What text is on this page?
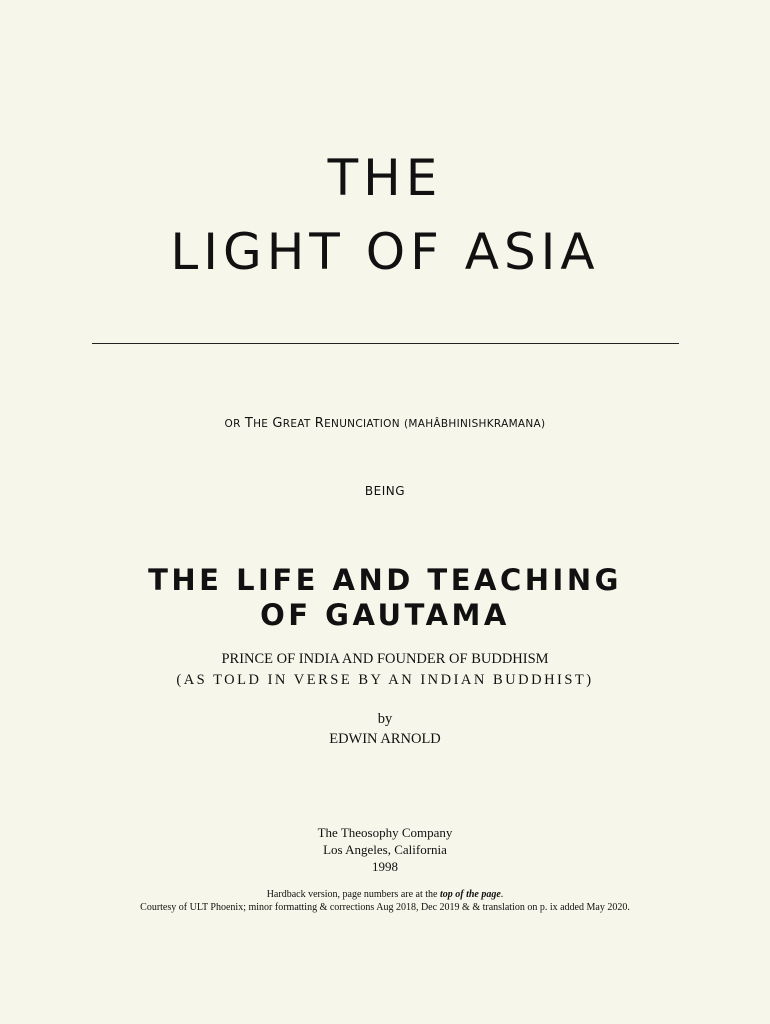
THE
LIGHT OF ASIA
OR THE GREAT RENUNCIATION (MAHÂBHINISHKRAMANA)
BEING
THE LIFE AND TEACHING
OF GAUTAMA
PRINCE OF INDIA AND FOUNDER OF BUDDHISM
(AS TOLD IN VERSE BY AN INDIAN BUDDHIST)
by
EDWIN ARNOLD
The Theosophy Company
Los Angeles, California
1998
Hardback version, page numbers are at the top of the page.
Courtesy of ULT Phoenix; minor formatting & corrections Aug 2018, Dec 2019 & & translation on p. ix added May 2020.
